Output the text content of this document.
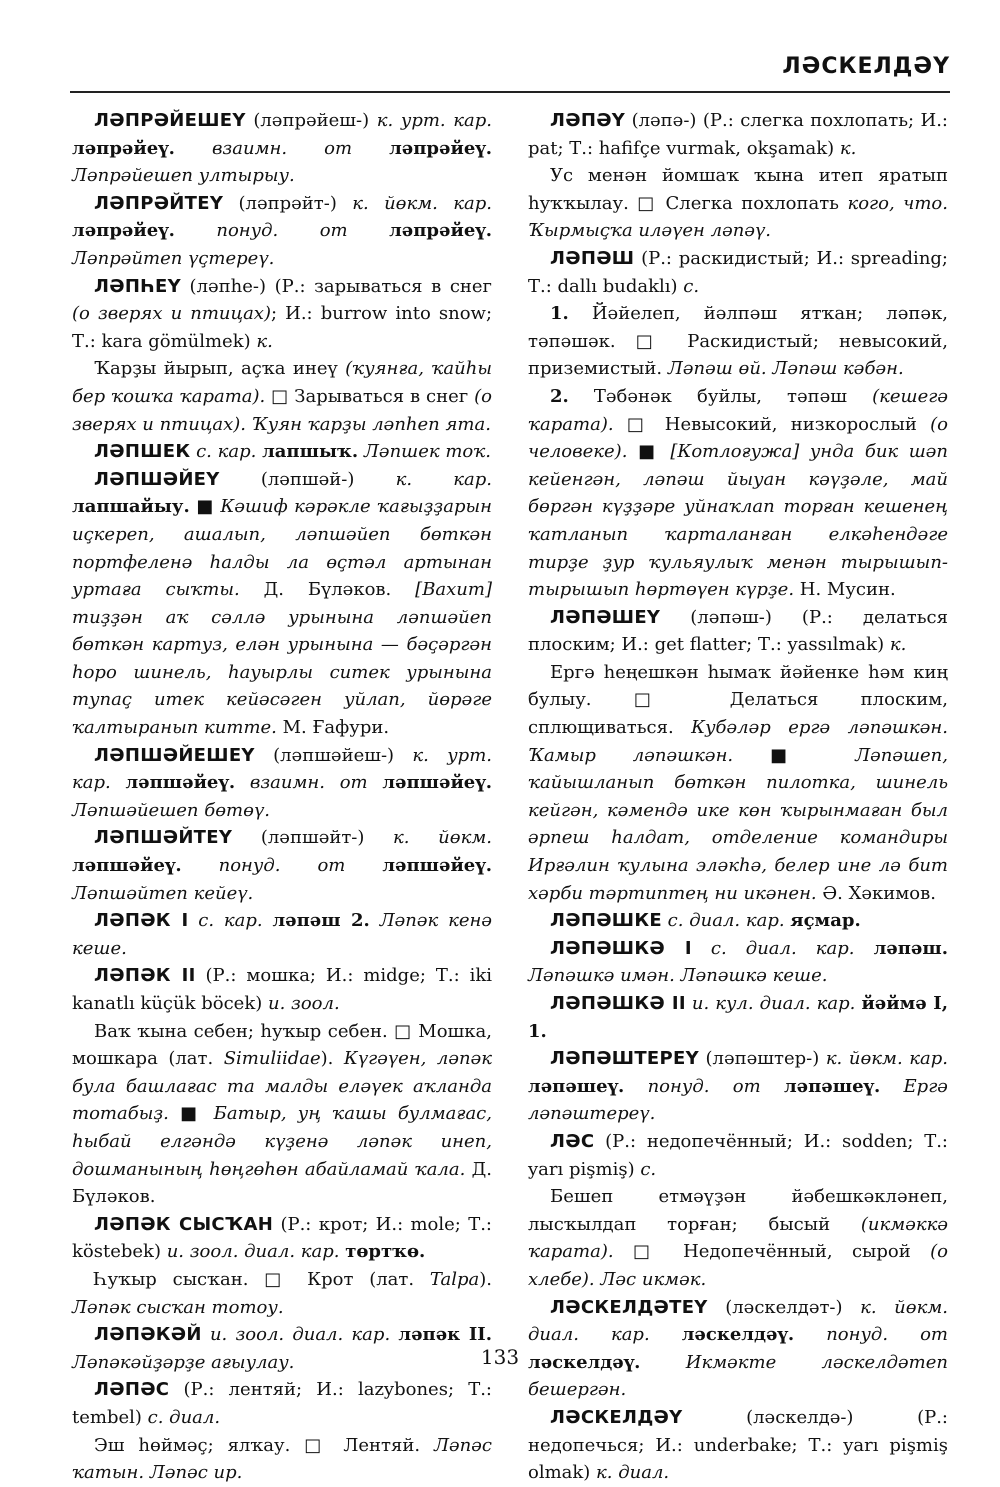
ЛӘСКЕЛДӘҮ

ЛӘПРӘЙЕШЕҮ (ләпрәйеш-) к. урт. кар. ләпрәйеү. взаимн. от ләпрәйеү. Ләпрәйешеп ултырыу.

ЛӘПРӘЙТЕҮ (ләпрәйт-) к. йөкм. кар. ләпрәйеү. понуд. от ләпрәйеү. Ләпрәйтеп үҫтереү.

ЛӘПҺЕҮ (ләпһе-) (Р.: зарываться в снег (о зверях и птицах); И.: burrow into snow; Т.: kara gömülmek) к.

Ҡарҙы йырып, аҫҡа инеү (ҡуянға, ҡайһы бер ҡошҡа ҡарата). □ Зарываться в снег (о зверях и птицах). Ҡуян ҡарҙы ләпһеп ята.

ЛӘПШЕК с. кар. лапшыҡ. Ләпшек тоҡ.

ЛӘПШӘЙЕҮ (ләпшәй-) к. кар. лапшайыу. ■ Кәшиф кәрәкле ҡағыҙҙарын иҫкереп, ашалып, ләпшәйеп бөткән портфеленә һалды ла өҫтәл артынан уртаға сыҡты. Д. Бүләков. [Вахит] тиҙҙән аҡ сәллә урынына ләпшәйеп бөткән картуз, елән урынына — бәҫәргән һоро шинель, һауырлы ситек урынына тупаҫ итек кейәсәген уйлап, йөрәге ҡалтыранып китте. М. Ғафури.

ЛӘПШӘЙЕШЕҮ (ләпшәйеш-) к. урт. кар. ләпшәйеү. взаимн. от ләпшәйеү. Ләпшәйешеп бөтөү.

ЛӘПШӘЙТЕҮ (ләпшәйт-) к. йөкм. ләпшәйеү. понуд. от ләпшәйеү. Ләпшәйтеп кейеү.

ЛӘПӘК I с. кар. ләпәш 2. Ләпәк кенә кеше.

ЛӘПӘК II (Р.: мошка; И.: midge; Т.: iki kanatlı küçük böcek) и. зоол.

Ваҡ ҡына себен; һуҡыр себен. □ Мошка, мошкара (лат. Simuliidae). Күгәүен, ләпәк була башлағас та малды еләүек аҡланда тотабыҙ. ■ Батыр, уң ҡашы булмағас, һыбай елгәндә күҙенә ләпәк инеп, дошманының һөңгөһөн абайламай ҡала. Д. Бүләков.

ЛӘПӘК СЫСҠАН (Р.: крот; И.: mole; Т.: köstebek) и. зоол. диал. кар. төртҡө.

Һуҡыр сысҡан. □ Крот (лат. Talpa). Ләпәк сысҡан тотоу.

ЛӘПӘКӘЙ и. зоол. диал. кар. ләпәк II. Ләпәкәйҙәрҙе ағыулау.

ЛӘПӘС (Р.: лентяй; И.: lazybones; Т.: tembel) с. диал.

Эш һөймәҫ; ялҡау. □ Лентяй. Ләпәс ҡатын. Ләпәс ир.

ЛӘПӘҮ (ләпә-) (Р.: слегка похлопать; И.: pat; Т.: hafifçe vurmak, okşamak) к.

Ус менән йомшаҡ ҡына итеп яратып һуҡҡылау. □ Слегка похлопать кого, что. Ҡырмыҫҡа иләүен ләпәү.

ЛӘПӘШ (Р.: раскидистый; И.: spreading; Т.: dallı budaklı) с.

1. Йәйелеп, йәлпәш ятҡан; ләпәк, тәпәшәк. □ Раскидистый; невысокий, приземистый. Ләпәш өй. Ләпәш кәбән.

2. Тәбәнәк буйлы, тәпәш (кешегә ҡарата). □ Невысокий, низкорослый (о человеке). ■ [Котлоғужа] унда бик шәп кейенгән, ләпәш йыуан кәүҙәле, май бөргән күҙҙәре уйнаҡлап торған кешенең ҡатланып ҡарталанған елкәһендәге тирҙе ҙур ҡульяулыҡ менән тырышып-тырышып һөртөүен күрҙе. Н. Мусин.

ЛӘПӘШЕҮ (ләпәш-) (Р.: делаться плоским; И.: get flatter; Т.: yassılmak) к.

Ергә һеңешкән һымаҡ йәйенке һәм киң булыу. □ Делаться плоским, сплющиваться. Кубәләр ергә ләпәшкән. Ҡамыр ләпәшкән. ■ Ләпәшеп, ҡайышланып бөткән пилотка, шинель кейгән, кәмендә ике көн ҡырынмаған был әрпеш һалдат, отделение командиры Ирғәлин ҡулына эләкһә, белер ине лә бит хәрби тәртиптең ни икәнен. Ә. Хәкимов.

ЛӘПӘШКЕ с. диал. кар. яҫмар.

ЛӘПӘШКӘ I с. диал. кар. ләпәш. Ләпәшкә имән. Ләпәшкә кеше.

ЛӘПӘШКӘ II и. кул. диал. кар. йәймә I, 1.

ЛӘПӘШТЕРЕҮ (ләпәштер-) к. йөкм. кар. ләпәшеү. понуд. от ләпәшеү. Ергә ләпәштереү.

ЛӘС (Р.: недопечённый; И.: sodden; Т.: yarı pişmiş) с.

Бешеп етмәүҙән йәбешкәкләнеп, лысҡылдап торған; бысый (икмәккә ҡарата). □ Недопечённый, сырой (о хлебе). Ләс икмәк.

ЛӘСКЕЛДӘТЕҮ (ләскелдәт-) к. йөкм. диал. кар. ләскелдәү. понуд. от ләскелдәү.	Икмәкте ләскелдәтеп бешергән.

ЛӘСКЕЛДӘҮ (ләскелдә-) (Р.: недопечься; И.: underbake; Т.: yarı pişmiş olmak) к. диал.

133
